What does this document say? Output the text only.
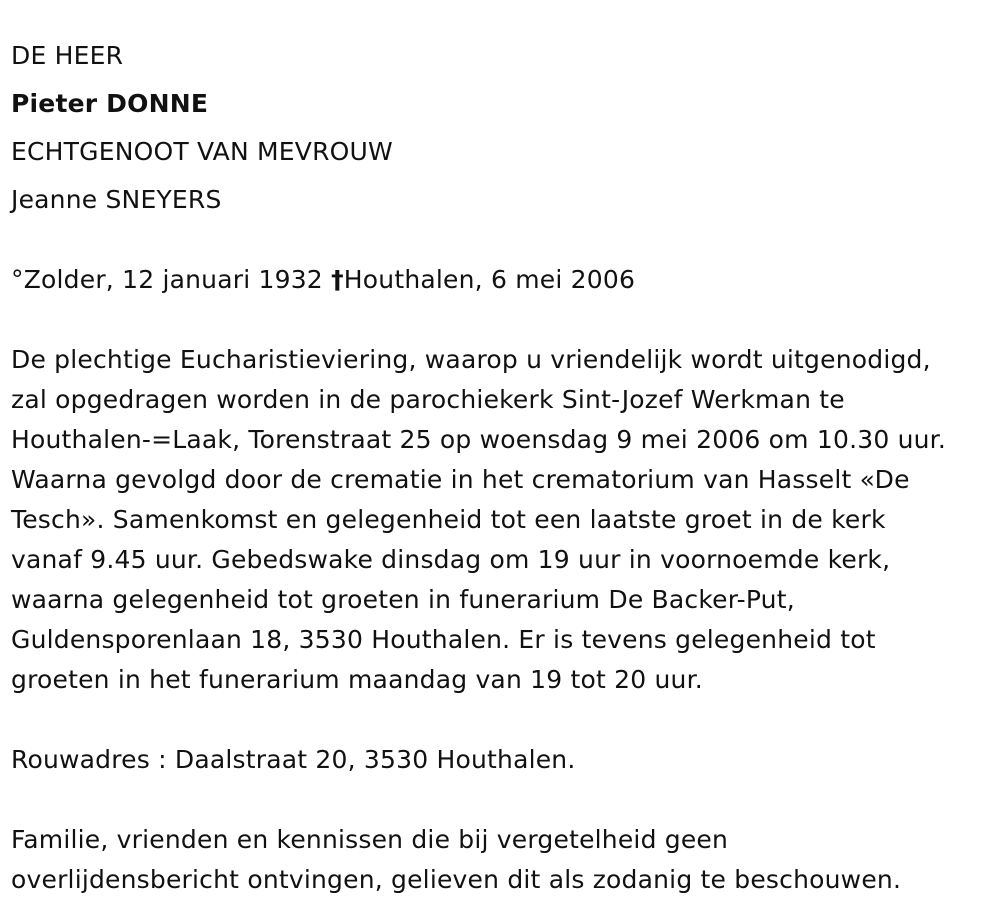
DE HEER
Pieter DONNE
ECHTGENOOT VAN MEVROUW
Jeanne SNEYERS
°Zolder, 12 januari 1932 †Houthalen, 6 mei 2006
De plechtige Eucharistieviering, waarop u vriendelijk wordt uitgenodigd,
zal opgedragen worden in de parochiekerk Sint-Jozef Werkman te
Houthalen-=Laak, Torenstraat 25 op woensdag 9 mei 2006 om 10.30 uur.
Waarna gevolgd door de crematie in het crematorium van Hasselt «De
Tesch». Samenkomst en gelegenheid tot een laatste groet in de kerk
vanaf 9.45 uur. Gebedswake dinsdag om 19 uur in voornoemde kerk,
waarna gelegenheid tot groeten in funerarium De Backer-Put,
Guldensporenlaan 18, 3530 Houthalen. Er is tevens gelegenheid tot
groeten in het funerarium maandag van 19 tot 20 uur.
Rouwadres : Daalstraat 20, 3530 Houthalen.
Familie, vrienden en kennissen die bij vergetelheid geen
overlijdensbericht ontvingen, gelieven dit als zodanig te beschouwen.
